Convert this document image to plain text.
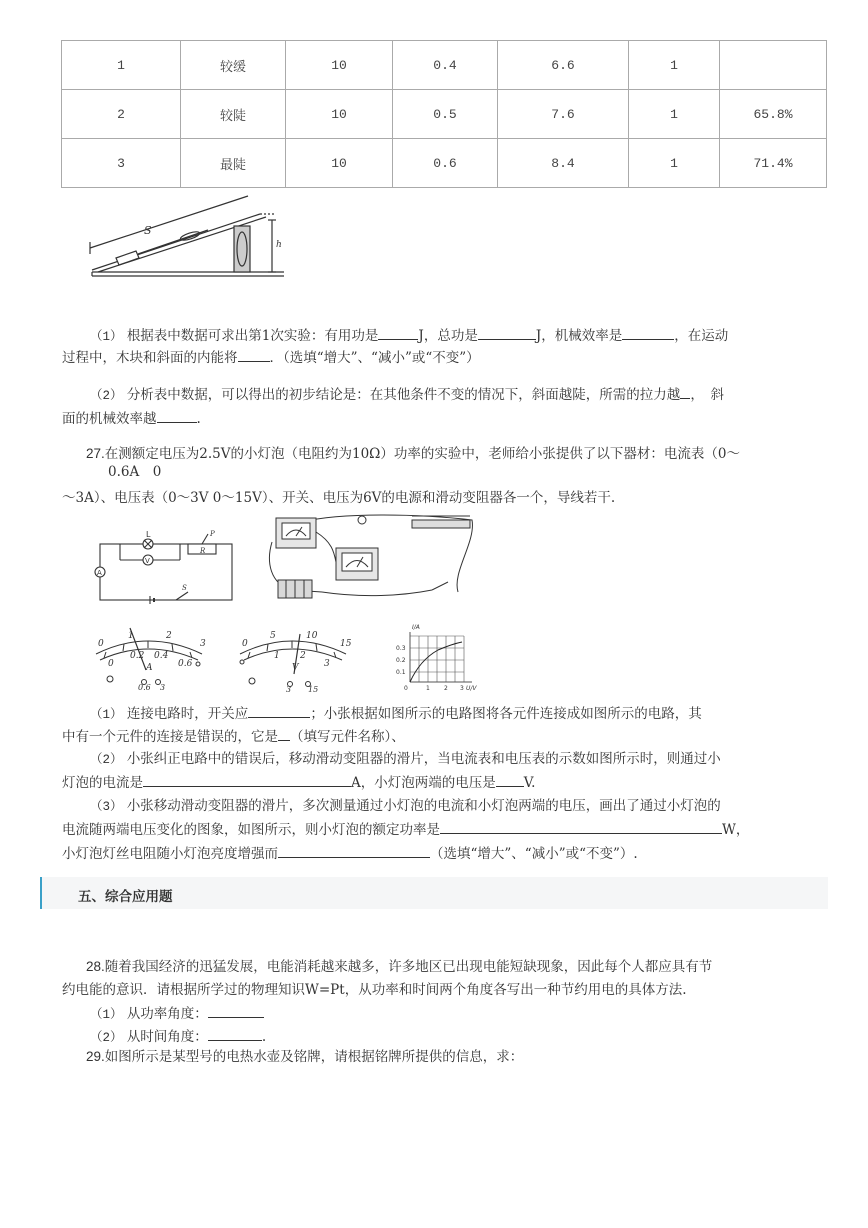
1	较缓	10	0.4	6.6	1	
2	较陡	10	0.5	7.6	1	65.8%
3	最陡	10	0.6	8.4	1	71.4%
S
h
（1） 根据表中数据可求出第1次实验：有用功是	J，总功是	J，机械效率是	，在运动
过程中，木块和斜面的内能将 ．（选填“增大”、“减小”或“不变”）
（2） 分析表中数据，可以得出的初步结论是：在其他条件不变的情况下，斜面越陡，所需的拉力越 ，　斜
面的机械效率越	.
27.在测额定电压为2.5V的小灯泡（电阻约为10Ω）功率的实验中，老师给小张提供了以下器材：电流表（0～
0.6A　0
～3A）、电压表（0～3V 0～15V）、开关、电压为6V的电源和滑动变阻器各一个，导线若干.
L
V
A
R
P
S
0
1	2
3
0
0.2 0.4
0.6
A
0.6 3
0
5	10
15
1 2
3
V
3 15
0.3
0.2
0.1
0	1 2 3
I/A
U/V
（1） 连接电路时，开关应	；小张根据如图所示的电路图将各元件连接成如图所示的电路，其
中有一个元件的连接是错误的，它是 （填写元件名称）、
（2） 小张纠正电路中的错误后，移动滑动变阻器的滑片，当电流表和电压表的示数如图所示时，则通过小
灯泡的电流是	A，小灯泡两端的电压是 V.
（3） 小张移动滑动变阻器的滑片，多次测量通过小灯泡的电流和小灯泡两端的电压，画出了通过小灯泡的
电流随两端电压变化的图象，如图所示，则小灯泡的额定功率是	W，
小灯泡灯丝电阻随小灯泡亮度增强而	（选填“增大”、“减小”或“不变”）.
五、综合应用题
28.随着我国经济的迅猛发展，电能消耗越来越多，许多地区已出现电能短缺现象，因此每个人都应具有节
约电能的意识．请根据所学过的物理知识W=Pt，从功率和时间两个角度各写出一种节约用电的具体方法.
（1） 从功率角度：
（2） 从时间角度：	.
29.如图所示是某型号的电热水壶及铭牌，请根据铭牌所提供的信息，求：
